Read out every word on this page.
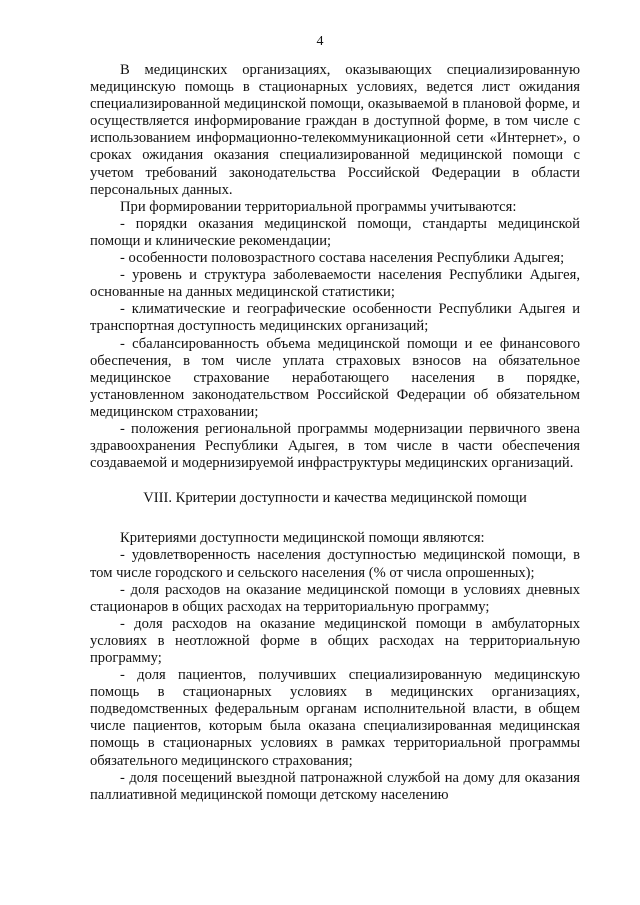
4

В медицинских организациях, оказывающих специализированную медицинскую помощь в стационарных условиях, ведется лист ожидания специализированной медицинской помощи, оказываемой в плановой форме, и осуществляется информирование граждан в доступной форме, в том числе с использованием информационно-телекоммуникационной сети «Интернет», о сроках ожидания оказания специализированной медицинской помощи с учетом требований законодательства Российской Федерации в области персональных данных.

При формировании территориальной программы учитываются:

- порядки оказания медицинской помощи, стандарты медицинской помощи и клинические рекомендации;

- особенности половозрастного состава населения Республики Адыгея;

- уровень и структура заболеваемости населения Республики Адыгея, основанные на данных медицинской статистики;

- климатические и географические особенности Республики Адыгея и транспортная доступность медицинских организаций;

- сбалансированность объема медицинской помощи и ее финансового обеспечения, в том числе уплата страховых взносов на обязательное медицинское страхование неработающего населения в порядке, установленном законодательством Российской Федерации об обязательном медицинском страховании;

- положения региональной программы модернизации первичного звена здравоохранения Республики Адыгея, в том числе в части обеспечения создаваемой и модернизируемой инфраструктуры медицинских организаций.

VIII. Критерии доступности и качества медицинской помощи

Критериями доступности медицинской помощи являются:

- удовлетворенность населения доступностью медицинской помощи, в том числе городского и сельского населения (% от числа опрошенных);

- доля расходов на оказание медицинской помощи в условиях дневных стационаров в общих расходах на территориальную программу;

- доля расходов на оказание медицинской помощи в амбулаторных условиях в неотложной форме в общих расходах на территориальную программу;

- доля пациентов, получивших специализированную медицинскую помощь в стационарных условиях в медицинских организациях, подведомственных федеральным органам исполнительной власти, в общем числе пациентов, которым была оказана специализированная медицинская помощь в стационарных условиях в рамках территориальной программы обязательного медицинского страхования;

- доля посещений выездной патронажной службой на дому для оказания паллиативной медицинской помощи детскому населению
